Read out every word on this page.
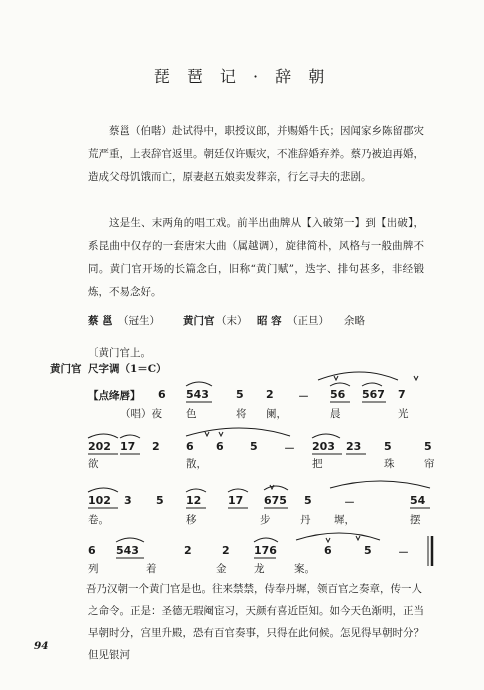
琵 琶 记 · 辞 朝

蔡邕（伯喈）赴试得中，职授议郎，并赐婚牛氏；因闻家乡陈留郡灾荒严重，上表辞官返里。朝廷仅许赈灾，不准辞婚弃养。蔡乃被迫再婚，造成父母饥饿而亡，原妻赵五娘卖发葬亲，行乞寻夫的悲剧。

这是生、末两角的唱工戏。前半出曲牌从【入破第一】到【出破】，系昆曲中仅存的一套唐宋大曲（属越调），旋律简朴，风格与一般曲牌不同。黄门官开场的长篇念白，旧称“黄门赋”，迭字、排句甚多，非经锻炼，不易念好。

蔡 邕 （冠生） 黄门官 （末） 昭 容 （正旦） 余略
〔黄门官上。
黄门官 尺字调（1＝C）
【点绛唇】 6 543 5 2 － 56 567 7
（唱）夜 色	将 阑，	晨	光
202 17 2 6 6 5 － 203 23 5	5
欲	散，	把	珠	帘
102 3 5 12 17 675 5	－	54
卷。	移	步	丹 墀，	摆
6 543	2	2 176	6	5 －
列	着	金	龙	案。

吾乃汉朝一个黄门官是也。往来禁禁，侍奉丹墀，领百官之奏章，传一人之命令。正是：圣德无瑕阉宦习，天颜有喜近臣知。如今天色渐明，正当早朝时分，宫里升殿，恐有百官奏事，只得在此伺候。怎见得早朝时分？但见银河

94
